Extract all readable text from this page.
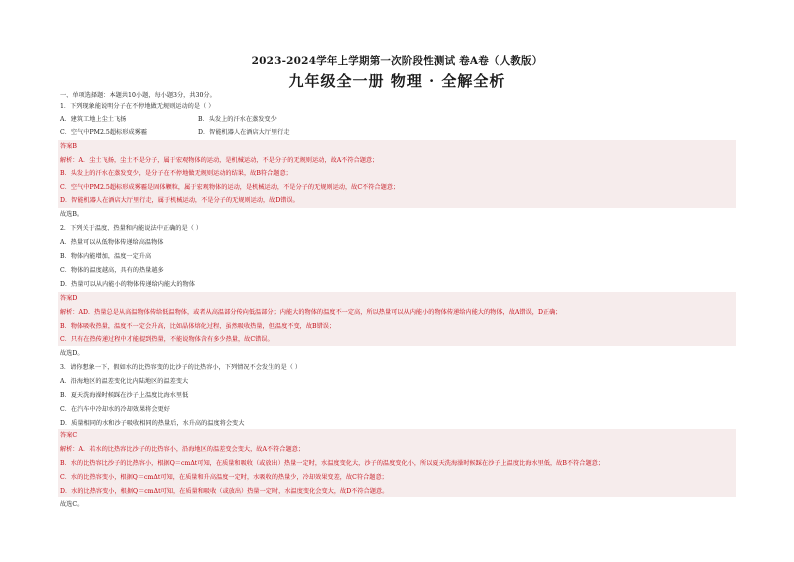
2023-2024学年上学期第一次阶段性测试 卷A卷（人教版）
九年级全一册 物理 · 全解全析
一、单项选择题：本题共10小题，每小题3分，共30分。
1．下列现象能说明分子在不停地做无规则运动的是（ ）
A．建筑工地上尘土飞扬	B．头发上的汗水在蒸发变少
C．空气中PM2.5超标形成雾霾	D．智能机器人在酒店大厅里行走
答案B
解析：A．尘土飞扬，尘土不是分子，属于宏观物体的运动，是机械运动，不是分子的无规则运动，故A不符合题意；
B．头发上的汗水在蒸发变少，是分子在不停地做无规则运动的结果，故B符合题意；
C．空气中PM2.5超标形成雾霾是固体颗粒，属于宏观物体的运动，是机械运动，不是分子的无规则运动，故C不符合题意；
D．智能机器人在酒店大厅里行走，属于机械运动，不是分子的无规则运动，故D错误。
故选B。
2．下列关于温度、热量和内能说法中正确的是（ ）
A．热量可以从低物体传递给高温物体
B．物体内能增加，温度一定升高
C．物体的温度越高，具有的热量越多
D．热量可以从内能小的物体传递给内能大的物体
答案D
解析：AD．热量总是从高温物体传给低温物体，或者从高温部分传向低温部分；内能大的物体的温度不一定高，所以热量可以从内能小的物体传递给内能大的物体，故A错误，D正确；
B．物体吸收热量，温度不一定会升高，比如晶体熔化过程，虽然吸收热量，但温度不变，故B错误；
C．只有在热传递过程中才能提到热量，不能说物体含有多少热量，故C错误。
故选D。
3．请你想象一下，假如水的比热容变的比沙子的比热容小，下列情况不会发生的是（ ）
A．沿海地区的温差变化比内陆地区的温差变大
B．夏天洗海澡时候踩在沙子上温度比海水里低
C．在汽车中冷却水的冷却效果将会更好
D．质量相同的水和沙子吸收相同的热量后，水升高的温度将会变大
答案C
解析：A．若水的比热容比沙子的比热容小，沿海地区的温差变会变大，故A不符合题意；
B．水的比热容比沙子的比热容小，根据Q＝cmΔt可知，在质量和吸收（或放出）热量一定时，水温度变化大，沙子的温度变化小，所以夏天洗海澡时候踩在沙子上温度比海水里低，故B不符合题意；
C．水的比热容变小，根据Q＝cmΔt可知，在质量和升高温度一定时，水吸收的热量少，冷却效果变差，故C符合题意；
D．水的比热容变小，根据Q＝cmΔt可知，在质量和吸收（或放出）热量一定时，水温度变化会变大，故D不符合题意。
故选C。
